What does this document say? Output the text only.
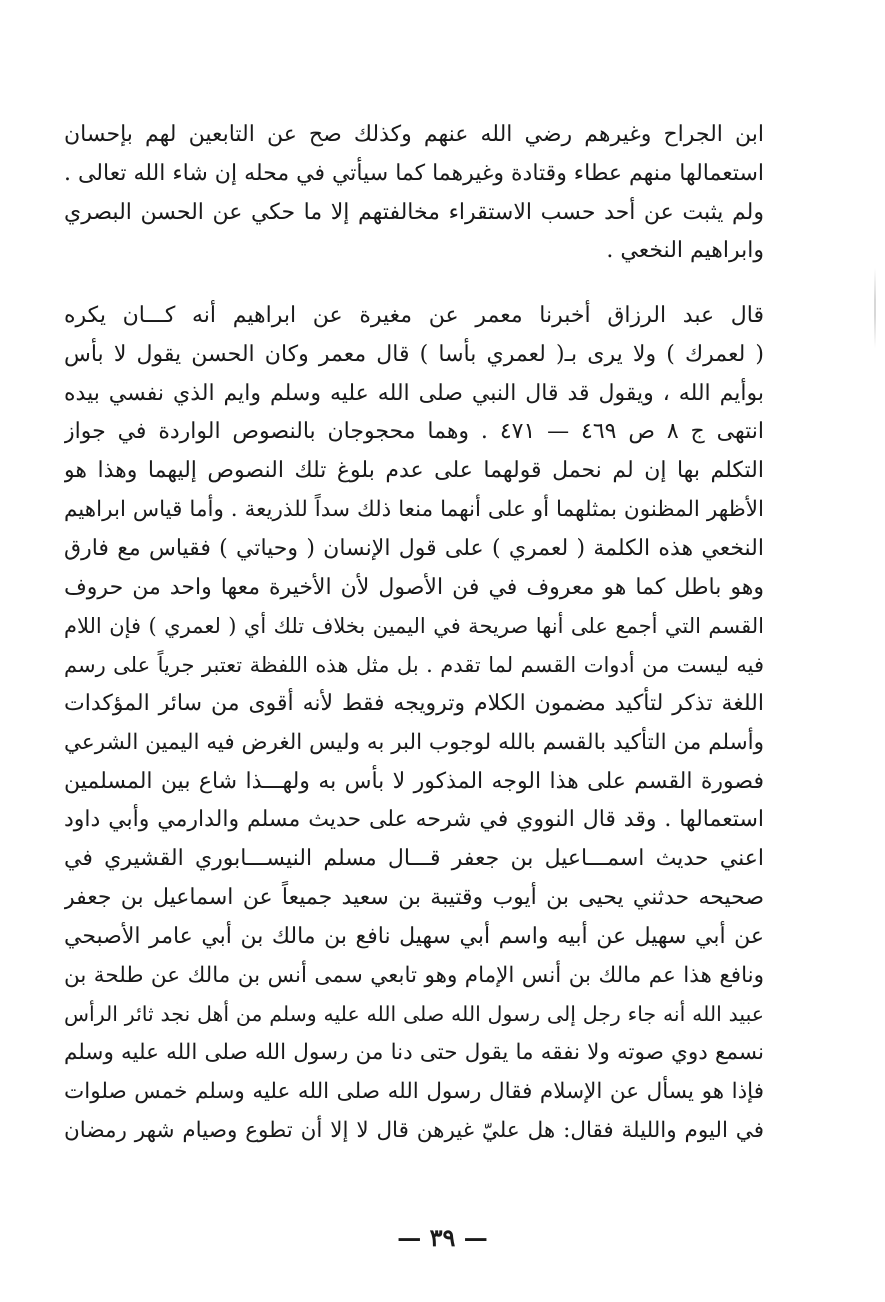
ابن الجراح وغيرهم رضي الله عنهم وكذلك صح عن التابعين لهم بإحسان
استعمالها منهم عطاء وقتادة وغيرهما كما سيأتي في محله إن شاء الله تعالى .
ولم يثبت عن أحد حسب الاستقراء مخالفتهم إلا ما حكي عن الحسن البصري
وابراهيم النخعي .
قال عبد الرزاق أخبرنا معمر عن مغيرة عن ابراهيم أنه كـــان يكره
( لعمرك ) ولا يرى بـ( لعمري بأسا ) قال معمر وكان الحسن يقول لا بأس
بوأيم الله ، ويقول قد قال النبي صلى الله عليه وسلم وايم الذي نفسي بيده
انتهى ج ٨ ص ٤٦٩ — ٤٧١ . وهما محجوجان بالنصوص الواردة في جواز
التكلم بها إن لم نحمل قولهما على عدم بلوغ تلك النصوص إليهما وهذا هو
الأظهر المظنون بمثلهما أو على أنهما منعا ذلك سداً للذريعة . وأما قياس ابراهيم
النخعي هذه الكلمة ( لعمري ) على قول الإنسان ( وحياتي ) فقياس مع فارق
وهو باطل كما هو معروف في فن الأصول لأن الأخيرة معها واحد من حروف
القسم التي أجمع على أنها صريحة في اليمين بخلاف تلك أي ( لعمري ) فإن اللام
فيه ليست من أدوات القسم لما تقدم . بل مثل هذه اللفظة تعتبر جرياً على رسم
اللغة تذكر لتأكيد مضمون الكلام وترويجه فقط لأنه أقوى من سائر المؤكدات
وأسلم من التأكيد بالقسم بالله لوجوب البر به وليس الغرض فيه اليمين الشرعي
فصورة القسم على هذا الوجه المذكور لا بأس به ولهـــذا شاع بين المسلمين
استعمالها . وقد قال النووي في شرحه على حديث مسلم والدارمي وأبي داود
اعني حديث اسمـــاعيل بن جعفر قـــال مسلم النيســـابوري القشيري في
صحيحه حدثني يحيى بن أيوب وقتيبة بن سعيد جميعاً عن اسماعيل بن جعفر
عن أبي سهيل عن أبيه واسم أبي سهيل نافع بن مالك بن أبي عامر الأصبحي
ونافع هذا عم مالك بن أنس الإمام وهو تابعي سمى أنس بن مالك عن طلحة بن
عبيد الله أنه جاء رجل إلى رسول الله صلى الله عليه وسلم من أهل نجد ثائر الرأس
نسمع دوي صوته ولا نفقه ما يقول حتى دنا من رسول الله صلى الله عليه وسلم
فإذا هو يسأل عن الإسلام فقال رسول الله صلى الله عليه وسلم خمس صلوات
في اليوم والليلة فقال: هل عليّ غيرهن قال لا إلا أن تطوع وصيام شهر رمضان
— ٣٩ —
